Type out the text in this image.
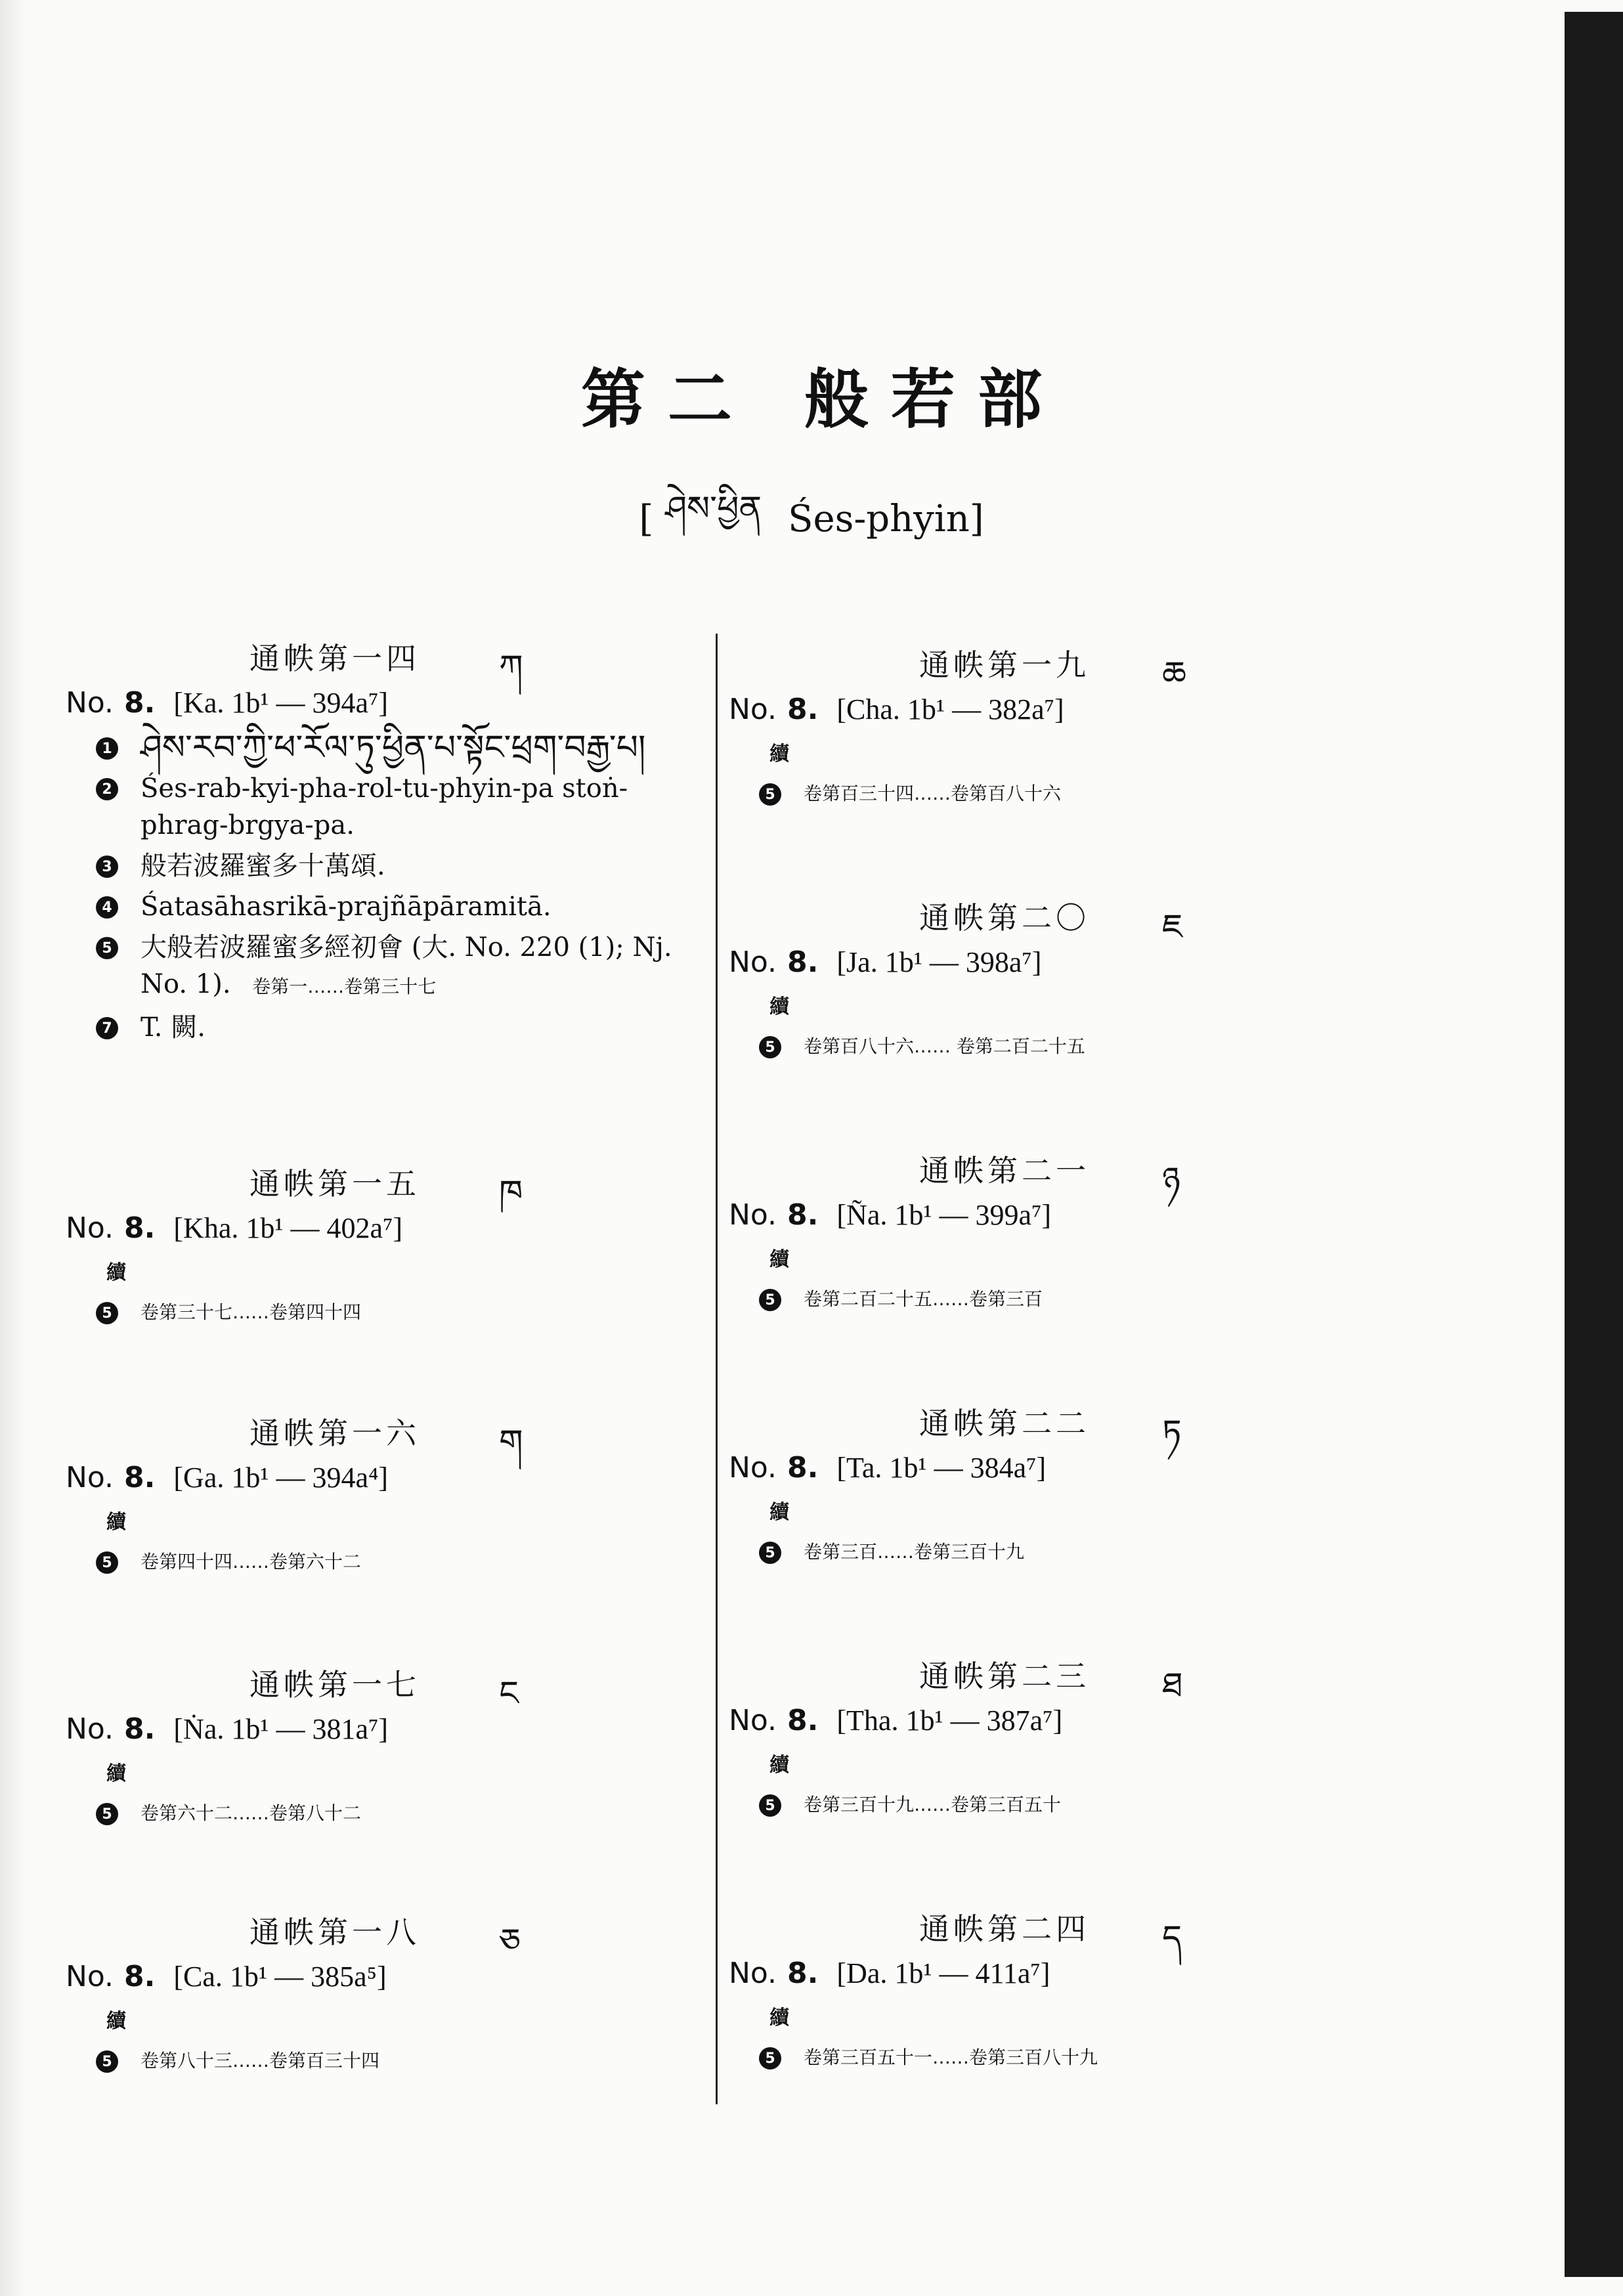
第 二 般 若 部
[ ཤེས་ཕྱིན Śes-phyin ]
通帙第一四 ཀ
No. 8. [Ka. 1b¹ — 394a⁷]
1 ཤེས་རབ་ཀྱི་ཕ་རོལ་ཏུ་ཕྱིན་པ་སྟོང་ཕྲག་བརྒྱ་པ།
2 Śes-rab-kyi-pha-rol-tu-phyin-pa stoṅ-phrag-brgya-pa.
3 般若波羅蜜多十萬頌.
4 Śatasāhasrikā-prajñāpāramitā.
5 大般若波羅蜜多經初會 (大. No. 220 (1); Nj. No. 1). 卷第一……卷第三十七
7 T. 闕.
通帙第一五 ཁ
No. 8. [Kha. 1b¹ — 402a⁷]
續
5	卷第三十七……卷第四十四
通帙第一六 ག
No. 8. [Ga. 1b¹ — 394a⁴]
續
5	卷第四十四……卷第六十二
通帙第一七 ང
No. 8. [Ṅa. 1b¹ — 381a⁷]
續
5	卷第六十二……卷第八十二
通帙第一八 ཅ
No. 8. [Ca. 1b¹ — 385a⁵]
續
5	卷第八十三……卷第百三十四
通帙第一九 ཆ
No. 8. [Cha. 1b¹ — 382a⁷]
續
5	卷第百三十四……卷第百八十六
通帙第二〇 ཇ
No. 8. [Ja. 1b¹ — 398a⁷]
續
5	卷第百八十六…… 卷第二百二十五
通帙第二一 ཉ
No. 8. [Ña. 1b¹ — 399a⁷]
續
5	卷第二百二十五……卷第三百
通帙第二二 ཏ
No. 8. [Ta. 1b¹ — 384a⁷]
續
5	卷第三百……卷第三百十九
通帙第二三 ཐ
No. 8. [Tha. 1b¹ — 387a⁷]
續
5	卷第三百十九……卷第三百五十
通帙第二四 ད
No. 8. [Da. 1b¹ — 411a⁷]
續
5	卷第三百五十一……卷第三百八十九
